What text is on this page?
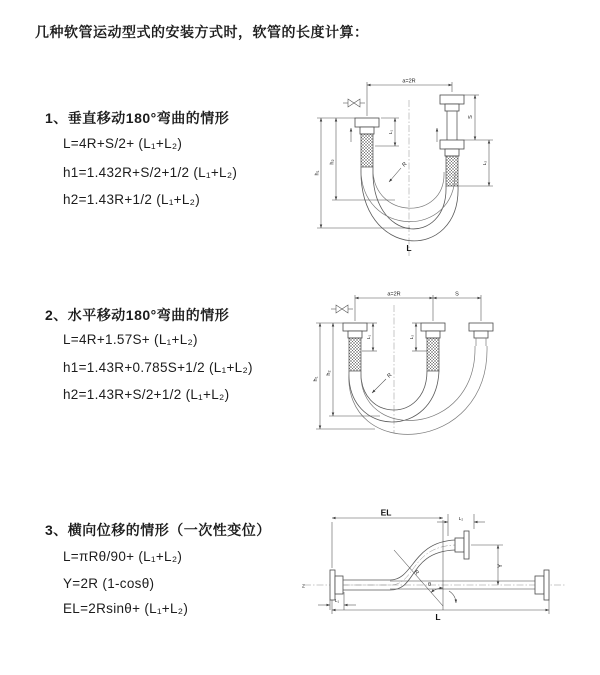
几种软管运动型式的安装方式时，软管的长度计算：
1、垂直移动180°弯曲的情形
L=4R+S/2+ (L₁+L₂)
h1=1.432R+S/2+1/2 (L₁+L₂)
h2=1.43R+1/2 (L₁+L₂)
2、水平移动180°弯曲的情形
L=4R+1.57S+ (L₁+L₂)
h1=1.43R+0.785S+1/2 (L₁+L₂)
h2=1.43R+S/2+1/2 (L₁+L₂)
3、横向位移的情形（一次性变位）
L=πRθ/90+ (L₁+L₂)
Y=2R (1-cosθ)
EL=2Rsinθ+ (L₁+L₂)
a=2R
L₁
S
L₂
h₁
h₂	R
L
a=2R	S
L₁	L₂
h₁
h₂	R
Z
R
θ
EL
L₂
Y
L₁
L
